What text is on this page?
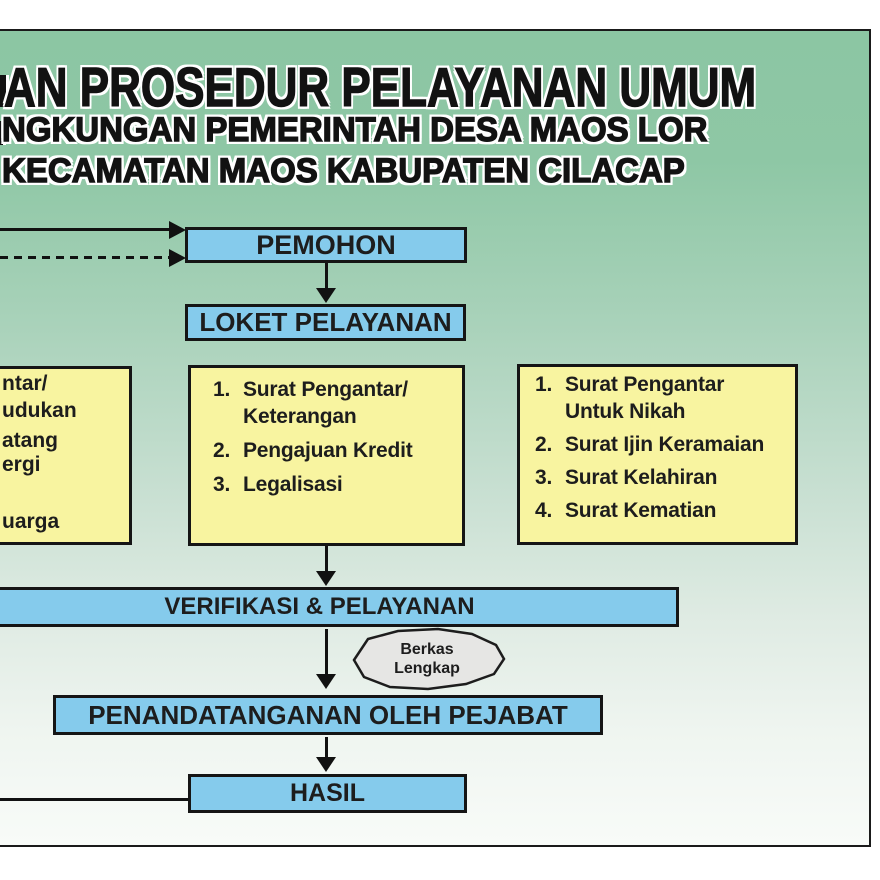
AN PROSEDUR PELAYANAN UMUM
NGKUNGAN PEMERINTAH DESA MAOS LOR
KECAMATAN MAOS KABUPATEN CILACAP
PEMOHON
LOKET PELAYANAN
ntar/
udukan
atang
ergi
uarga
1. Surat Pengantar/
Keterangan
2. Pengajuan Kredit
3. Legalisasi
1. Surat Pengantar
Untuk Nikah
2. Surat Ijin Keramaian
3. Surat Kelahiran
4. Surat Kematian
VERIFIKASI & PELAYANAN
Berkas
Lengkap
PENANDATANGANAN OLEH PEJABAT
HASIL
